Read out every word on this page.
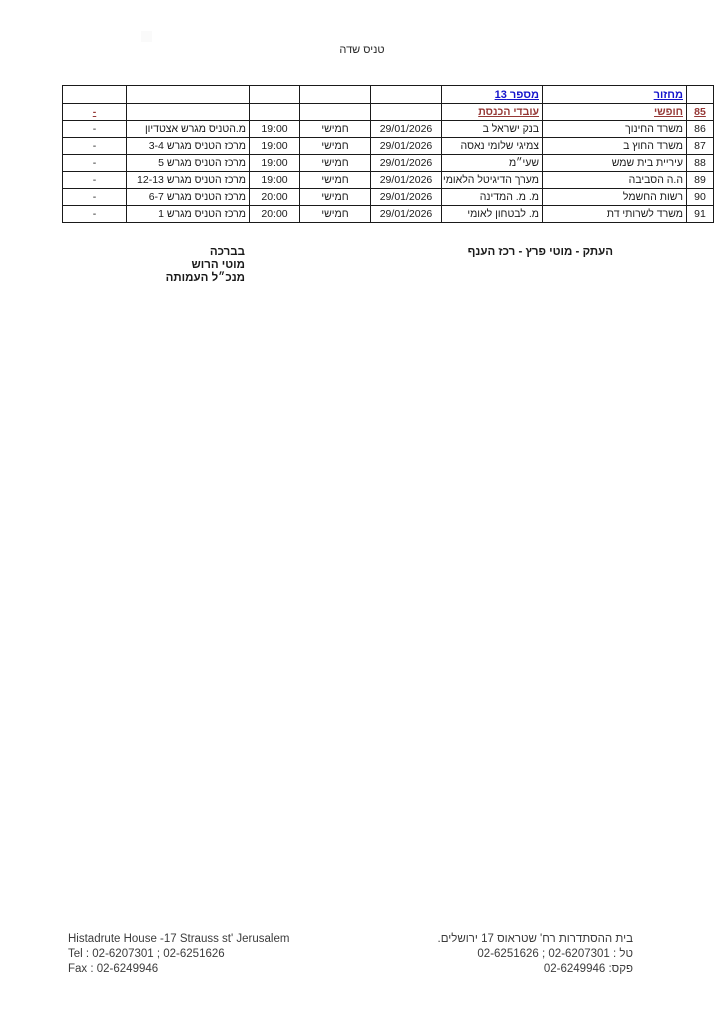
טניס שדה
	מחזור	מספר 13					
85	חופשי	עובדי הכנסת					-
86	משרד החינוך	בנק ישראל ב	29/01/2026	חמישי	19:00	מ.הטניס מגרש אצטדיון	-
87	משרד החוץ ב	צמיגי שלומי נאסה	29/01/2026	חמישי	19:00	מרכז הטניס מגרש 3-4	-
88	עיריית בית שמש	שעי״מ	29/01/2026	חמישי	19:00	מרכז הטניס מגרש 5	-
89	ה.ה הסביבה	מערך הדיגיטל הלאומי	29/01/2026	חמישי	19:00	מרכז הטניס מגרש 12-13	-
90	רשות החשמל	מ. מ. המדינה	29/01/2026	חמישי	20:00	מרכז הטניס מגרש 6-7	-
91	משרד לשרותי דת	מ. לבטחון לאומי	29/01/2026	חמישי	20:00	מרכז הטניס מגרש 1	-
העתק - מוטי פרץ - רכז הענף
בברכה
מוטי הרוש
מנכ״ל העמותה
Histadrute House -17 Strauss st' Jerusalem
Tel : 02-6207301 ; 02-6251626
Fax : 02-6249946
בית ההסתדרות רח' שטראוס 17 ירושלים.
טל : 02-6207301 ; 02-6251626
פקס: 02-6249946
